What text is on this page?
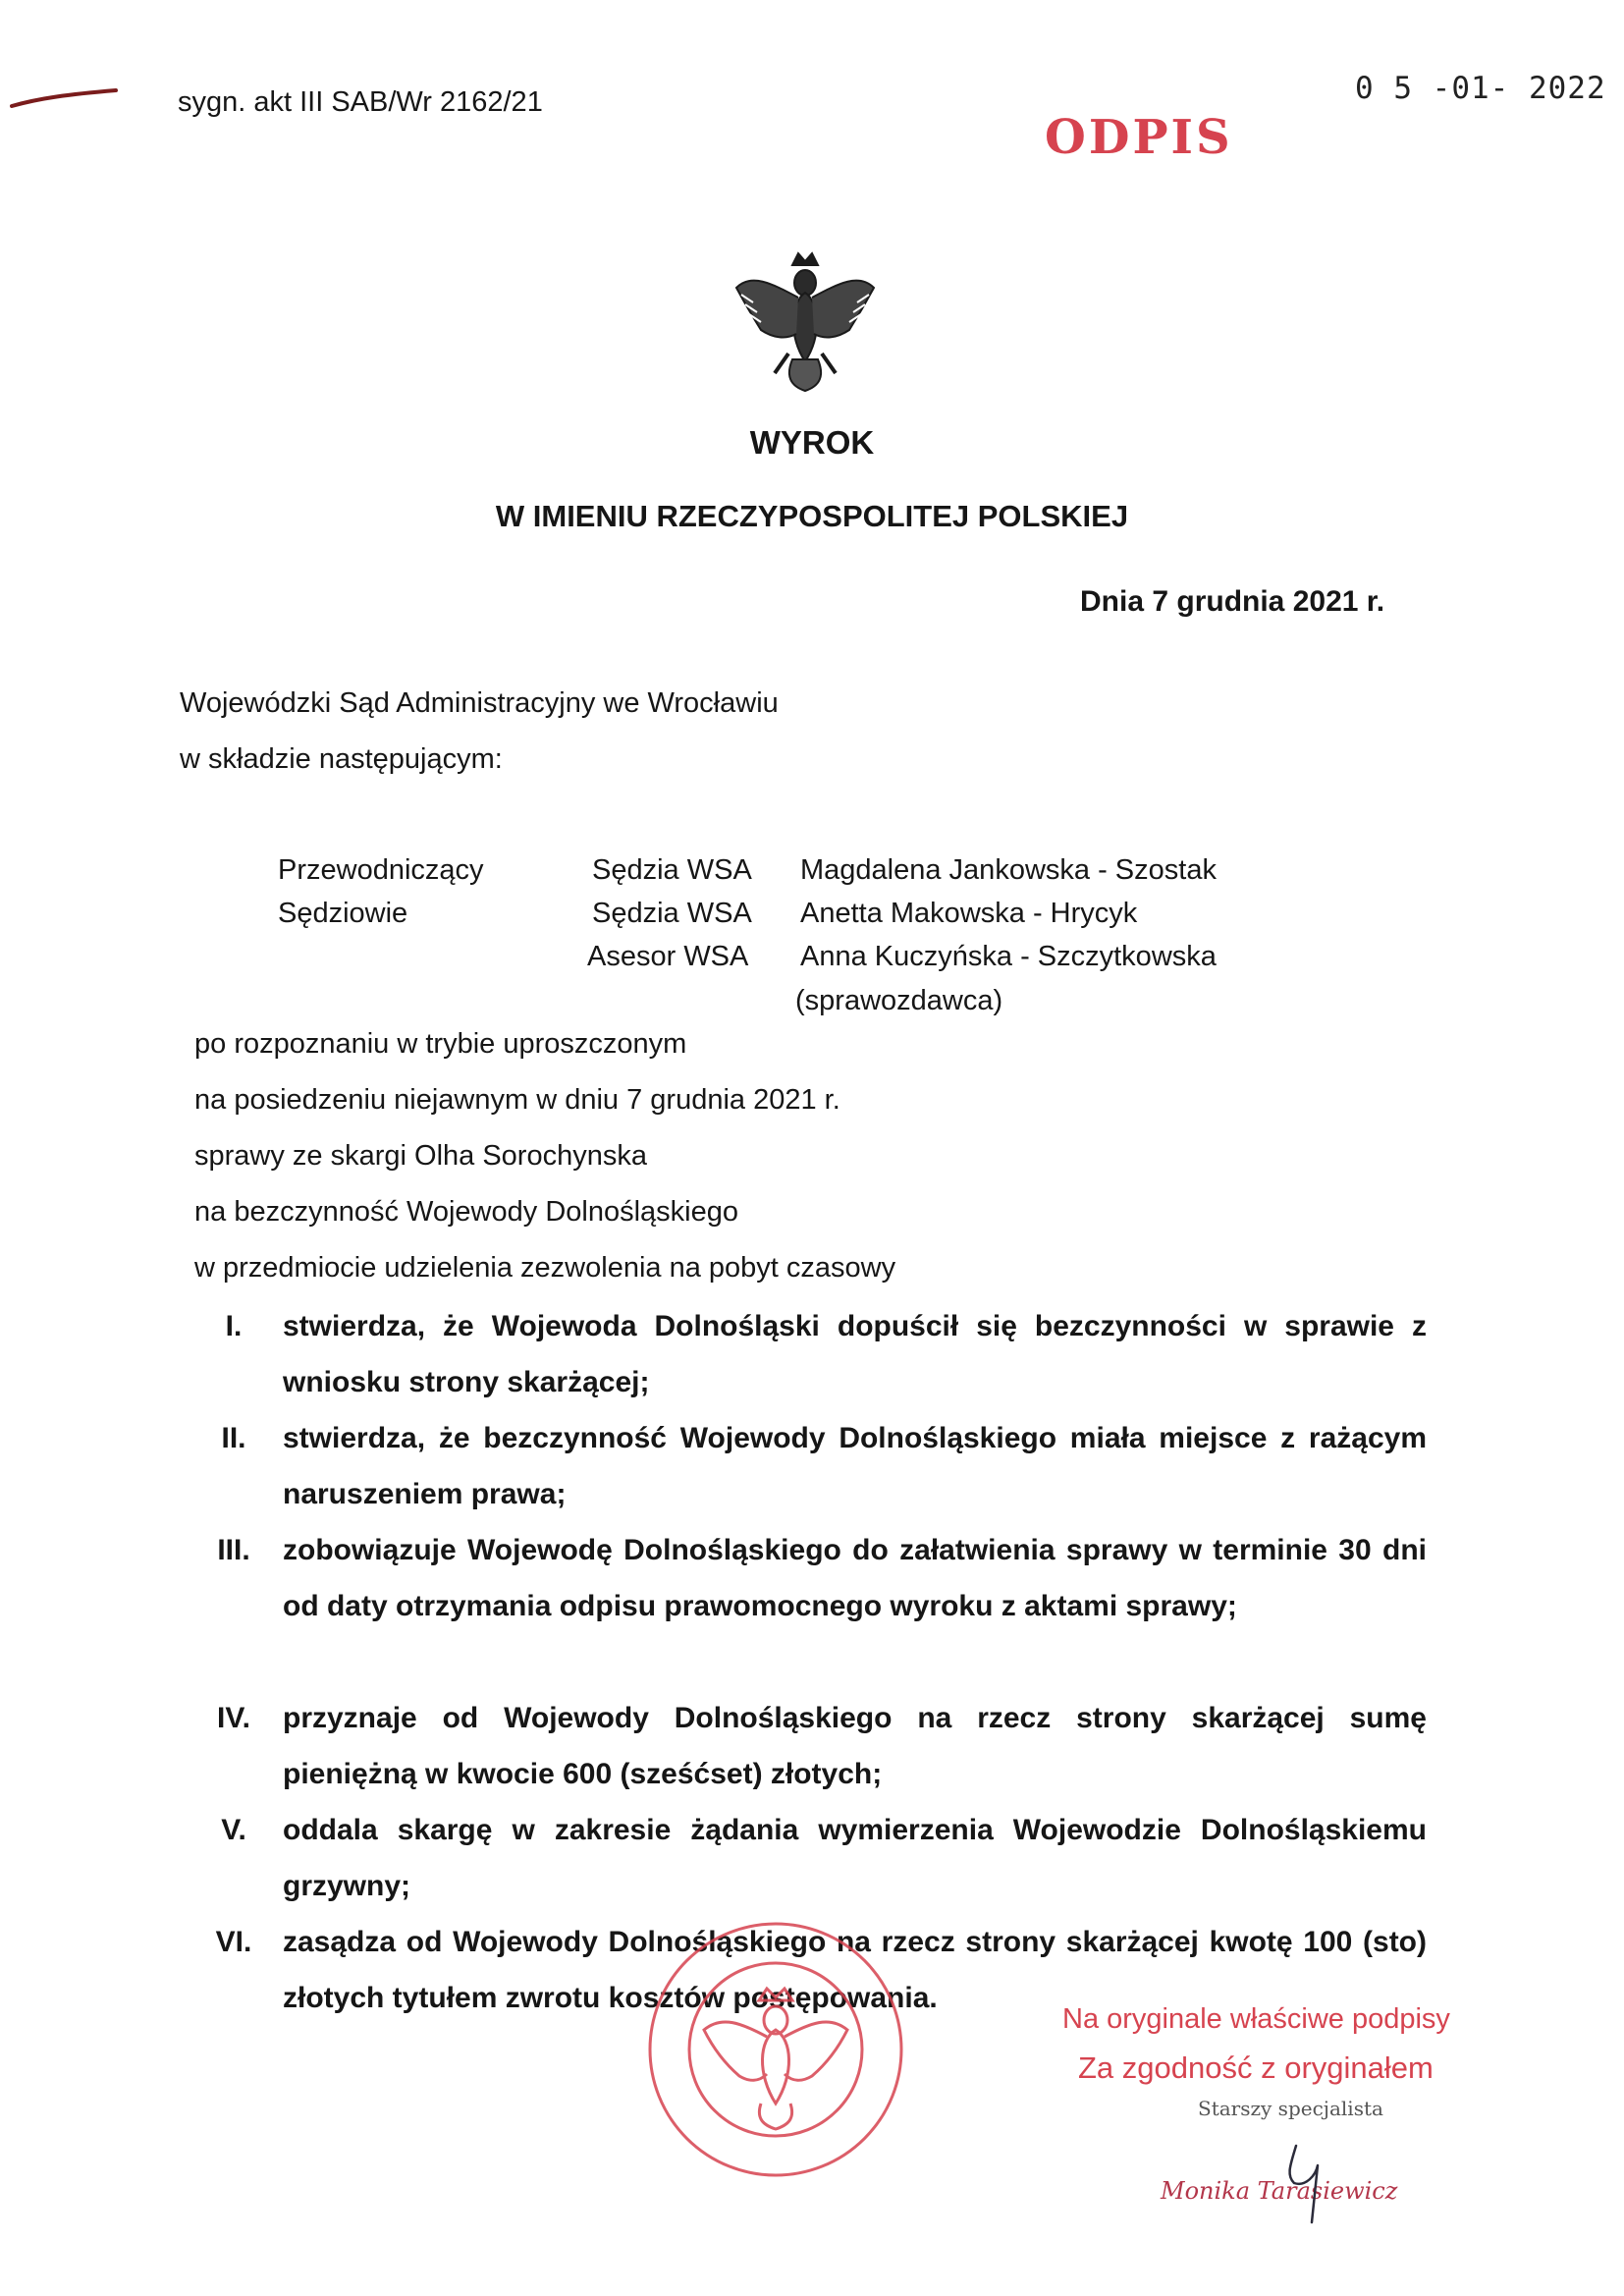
sygn. akt III SAB/Wr 2162/21	0 5 -01- 2022
ODPIS
WYROK
W IMIENIU RZECZYPOSPOLITEJ POLSKIEJ
Dnia 7 grudnia 2021 r.
Wojewódzki Sąd Administracyjny we Wrocławiu
w składzie następującym:
Przewodniczący	Sędzia WSA Magdalena Jankowska - Szostak
Sędziowie	Sędzia WSA Anetta Makowska - Hrycyk
Asesor WSA Anna Kuczyńska - Szczytkowska
(sprawozdawca)
po rozpoznaniu w trybie uproszczonym
na posiedzeniu niejawnym w dniu 7 grudnia 2021 r.
sprawy ze skargi Olha Sorochynska
na bezczynność Wojewody Dolnośląskiego
w przedmiocie udzielenia zezwolenia na pobyt czasowy
I.	stwierdza, że Wojewoda Dolnośląski dopuścił się bezczynności w sprawie z wniosku strony skarżącej;
II.	stwierdza, że bezczynność Wojewody Dolnośląskiego miała miejsce z rażącym naruszeniem prawa;
III.	zobowiązuje Wojewodę Dolnośląskiego do załatwienia sprawy w terminie 30 dni od daty otrzymania odpisu prawomocnego wyroku z aktami sprawy;
IV.	przyznaje od Wojewody Dolnośląskiego na rzecz strony skarżącej sumę pieniężną w kwocie 600 (sześćset) złotych;
V.	oddala skargę w zakresie żądania wymierzenia Wojewodzie Dolnośląskiemu grzywny;
VI.	zasądza od Wojewody Dolnośląskiego na rzecz strony skarżącej kwotę 100 (sto) złotych tytułem zwrotu kosztów postępowania.
Na oryginale właściwe podpisy
Za zgodność z oryginałem
Starszy specjalista
Monika Tarasiewicz
